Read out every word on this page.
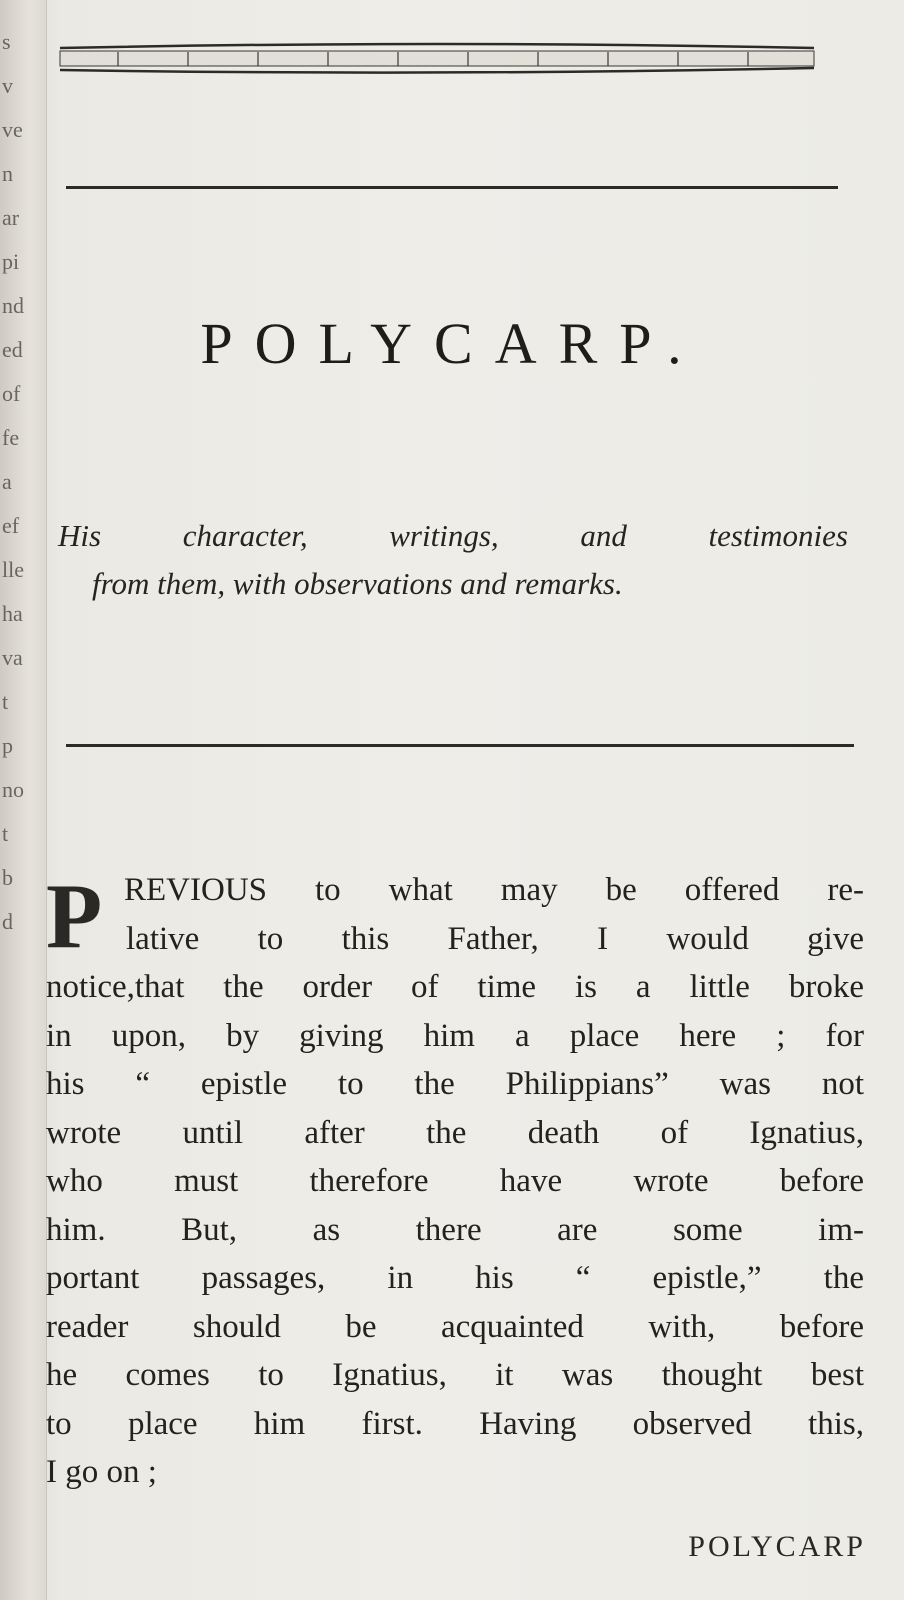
s
v
ve
n
ar
pi
nd
ed
of
fe
a
ef
lle
ha
va
t
p
no
t
b
d
POLYCARP.
His character, writings, and testimonies
from them, with observations and remarks.
P REVIOUS to what may be offered re-
lative to this Father, I would give
notice,that the order of time is a little broke
in upon, by giving him a place here ; for
his “ epistle to the Philippians” was not
wrote until after the death of Ignatius,
who must therefore have wrote before
him. But, as there are some im-
portant passages, in his “ epistle,” the
reader should be acquainted with, before
he comes to Ignatius, it was thought best
to place him first. Having observed this,
I go on ;
POLYCARP
